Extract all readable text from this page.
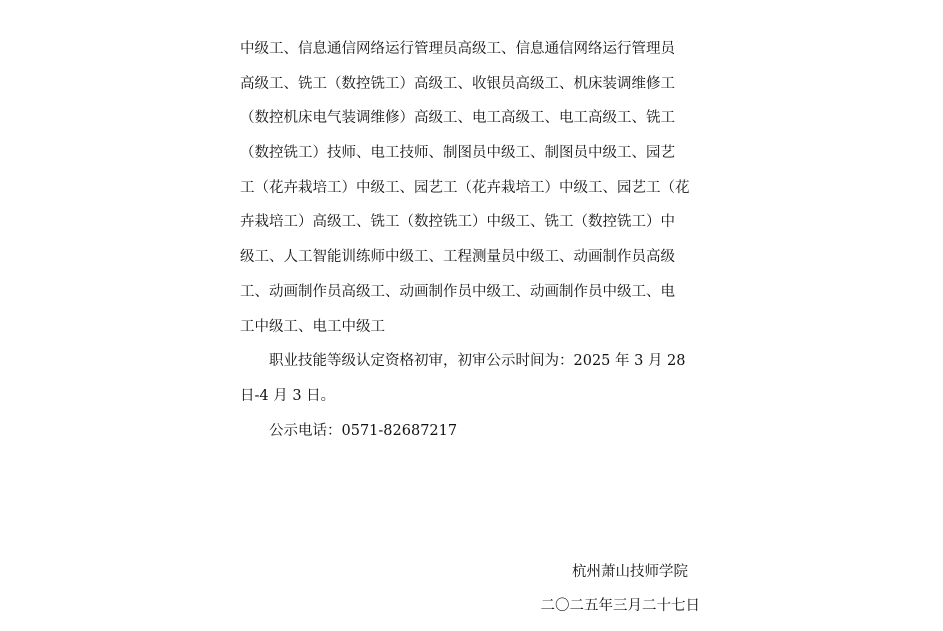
中级工、信息通信网络运行管理员高级工、信息通信网络运行管理员
高级工、铣工（数控铣工）高级工、收银员高级工、机床装调维修工
（数控机床电气装调维修）高级工、电工高级工、电工高级工、铣工
（数控铣工）技师、电工技师、制图员中级工、制图员中级工、园艺
工（花卉栽培工）中级工、园艺工（花卉栽培工）中级工、园艺工（花
卉栽培工）高级工、铣工（数控铣工）中级工、铣工（数控铣工）中
级工、人工智能训练师中级工、工程测量员中级工、动画制作员高级
工、动画制作员高级工、动画制作员中级工、动画制作员中级工、电
工中级工、电工中级工
职业技能等级认定资格初审，初审公示时间为：2025 年 3 月 28
日-4 月 3 日。
公示电话：0571-82687217
杭州萧山技师学院
二〇二五年三月二十七日
